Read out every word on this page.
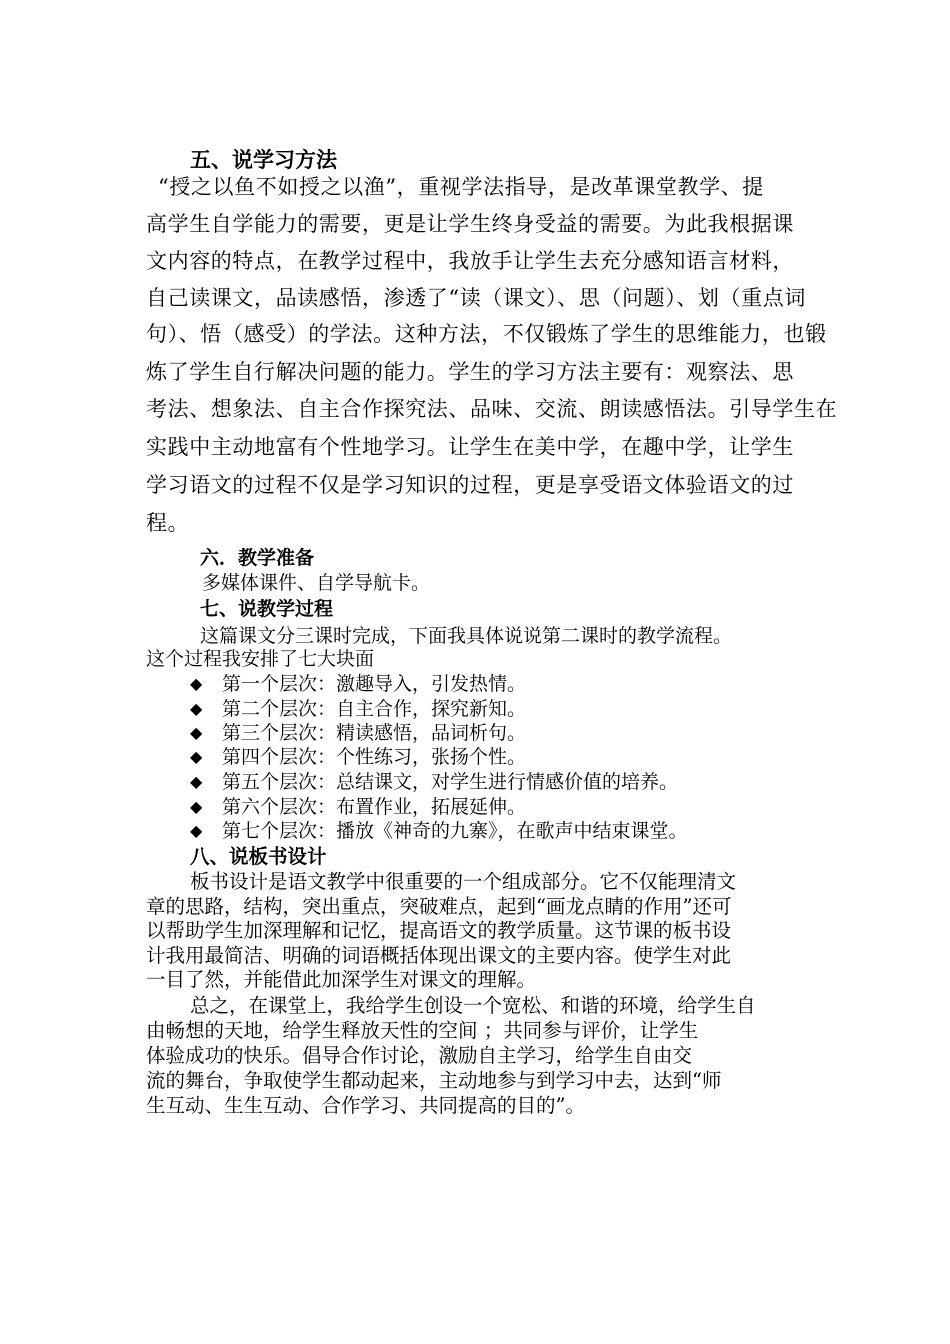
五、说学习方法
“授之以鱼不如授之以渔”，重视学法指导，是改革课堂教学、提
高学生自学能力的需要，更是让学生终身受益的需要。为此我根据课
文内容的特点，在教学过程中，我放手让学生去充分感知语言材料，
自己读课文，品读感悟，渗透了“读（课文）、思（问题）、划（重点词
句）、悟（感受）的学法。这种方法，不仅锻炼了学生的思维能力，也锻
炼了学生自行解决问题的能力。学生的学习方法主要有：观察法、思
考法、想象法、自主合作探究法、品味、交流、朗读感悟法。引导学生在
实践中主动地富有个性地学习。让学生在美中学，在趣中学，让学生
学习语文的过程不仅是学习知识的过程，更是享受语文体验语文的过
程。
六．教学准备
多媒体课件、自学导航卡。
七、说教学过程
这篇课文分三课时完成，下面我具体说说第二课时的教学流程。
这个过程我安排了七大块面
◆ 第一个层次：激趣导入，引发热情。
◆ 第二个层次：自主合作，探究新知。
◆ 第三个层次：精读感悟，品词析句。
◆ 第四个层次：个性练习，张扬个性。
◆ 第五个层次：总结课文，对学生进行情感价值的培养。
◆ 第六个层次：布置作业，拓展延伸。
◆ 第七个层次：播放《神奇的九寨》，在歌声中结束课堂。
八、说板书设计
板书设计是语文教学中很重要的一个组成部分。它不仅能理清文
章的思路，结构，突出重点，突破难点，起到“画龙点睛的作用”还可
以帮助学生加深理解和记忆，提高语文的教学质量。这节课的板书设
计我用最简洁、明确的词语概括体现出课文的主要内容。使学生对此
一目了然，并能借此加深学生对课文的理解。
总之，在课堂上，我给学生创设一个宽松、和谐的环境，给学生自
由畅想的天地，给学生释放天性的空间 ；共同参与评价，让学生
体验成功的快乐。倡导合作讨论，激励自主学习，给学生自由交
流的舞台，争取使学生都动起来，主动地参与到学习中去，达到“师
生互动、生生互动、合作学习、共同提高的目的”。
